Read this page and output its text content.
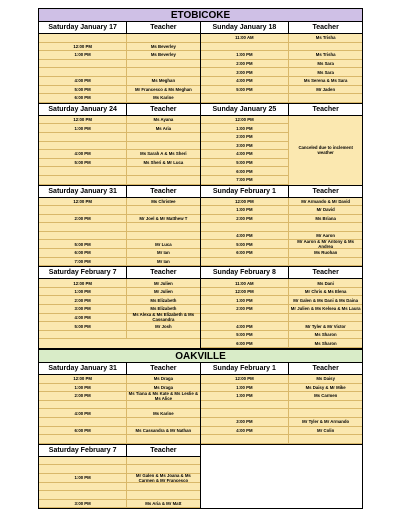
ETOBICOKE
Saturday January 17	Teacher
12:00 PM	Ms Beverley
1:00 PM	Ms Beverley
4:00 PM	Ms Meghan
5:00 PM	Mr Francesco & Ms Meghan
6:00 PM	Ms Karine
Sunday January 18	Teacher
11:00 AM	Ms Trisha
1:00 PM	Ms Trisha
2:00 PM	Ms Sara
3:00 PM	Ms Sara
4:00 PM	Ms Serena & Ms Sara
5:00 PM	Mr Jaden
Saturday January 24	Teacher
12:00 PM	Ms Ayana
1:00 PM	Ms Aria
4:00 PM	Ms Sarah A & Ms Sheri
5:00 PM	Ms Sheri & Mr Luca
Sunday January 25	Teacher
12:00 PM
1:00 PM
2:00 PM
3:00 PM
4:00 PM
5:00 PM
6:00 PM
7:00 PM
Canceled due to inclement weather
Saturday January 31	Teacher
12:00 PM	Ms Christee
2:00 PM	Mr Joel & Mr Matthew T
5:00 PM	Mr Luca
6:00 PM	Mr Ian
7:00 PM	Mr Ian
Sunday February 1	Teacher
12:00 PM	Mr Armando & Mr David
1:00 PM	Mr David
2:00 PM	Ms Briana
4:00 PM	Mr Aaron
5:00 PM	Mr Aaron & Mr Antony & Ms Andrea
6:00 PM	Ms Ruohan
Saturday February 7	Teacher
12:00 PM	Mr Julien
1:00 PM	Mr Julien
2:00 PM	Ms Elizabeth
3:00 PM	Ms Elizabeth
4:00 PM	Ms Alexa & Ms Elizabeth & Ms Cassandra
5:00 PM	Mr Josh
Sunday February 8	Teacher
11:00 AM	Ms Dani
12:00 PM	Mr Chris & Ms Elena
1:00 PM	Mr Galen & Ms Dani & Ms Daina
2:00 PM	Mr Julien & Ms Kelsea & Ms Laura
4:00 PM	Mr Tyler & Mr Victor
5:00 PM	Ms Sharon
6:00 PM	Ms Sharon
OAKVILLE
Saturday January 31	Teacher
12:00 PM	Ms Draga
1:00 PM	Ms Draga
2:00 PM	Ms Tiana & Ms Kate & Ms Leslie & Ms Alice
4:00 PM	Ms Karine
6:00 PM	Ms Cassandra & Mr Nathan
Sunday February 1	Teacher
12:00 PM	Ms Daisy
1:00 PM	Ms Daisy & Mr Mike
1:00 PM	Ms Carmen
3:00 PM	Mr Tyler & Mr Armando
4:00 PM	Mr Colin
Saturday February 7	Teacher
1:00 PM	Mr Galen & Ms Joana & Ms Carmen & Mr Francesco
3:00 PM	Ms Aria & Mr Matt
